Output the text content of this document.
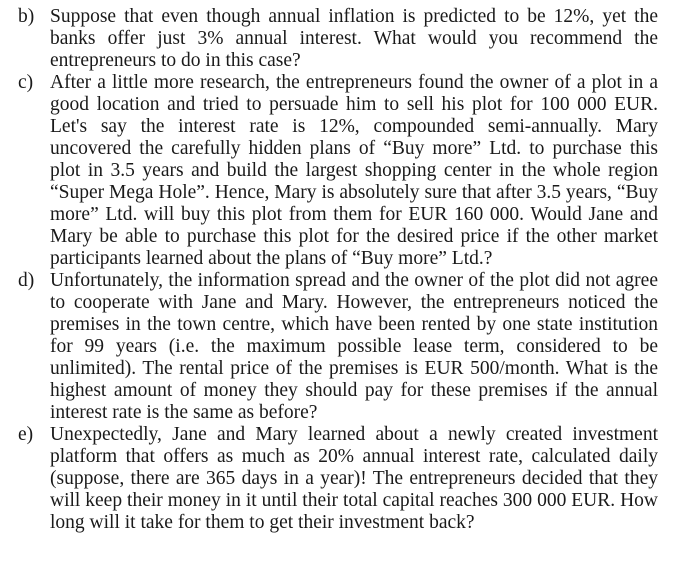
b) Suppose that even though annual inflation is predicted to be 12%, yet the banks offer just 3% annual interest. What would you recommend the entrepreneurs to do in this case?
c) After a little more research, the entrepreneurs found the owner of a plot in a good location and tried to persuade him to sell his plot for 100 000 EUR. Let's say the interest rate is 12%, compounded semi-annually. Mary uncovered the carefully hidden plans of “Buy more” Ltd. to purchase this plot in 3.5 years and build the largest shopping center in the whole region “Super Mega Hole”. Hence, Mary is absolutely sure that after 3.5 years, “Buy more” Ltd. will buy this plot from them for EUR 160 000. Would Jane and Mary be able to purchase this plot for the desired price if the other market participants learned about the plans of “Buy more” Ltd.?
d) Unfortunately, the information spread and the owner of the plot did not agree to cooperate with Jane and Mary. However, the entrepreneurs noticed the premises in the town centre, which have been rented by one state institution for 99 years (i.e. the maximum possible lease term, considered to be unlimited). The rental price of the premises is EUR 500/month. What is the highest amount of money they should pay for these premises if the annual interest rate is the same as before?
e) Unexpectedly, Jane and Mary learned about a newly created investment platform that offers as much as 20% annual interest rate, calculated daily (suppose, there are 365 days in a year)! The entrepreneurs decided that they will keep their money in it until their total capital reaches 300 000 EUR. How long will it take for them to get their investment back?
